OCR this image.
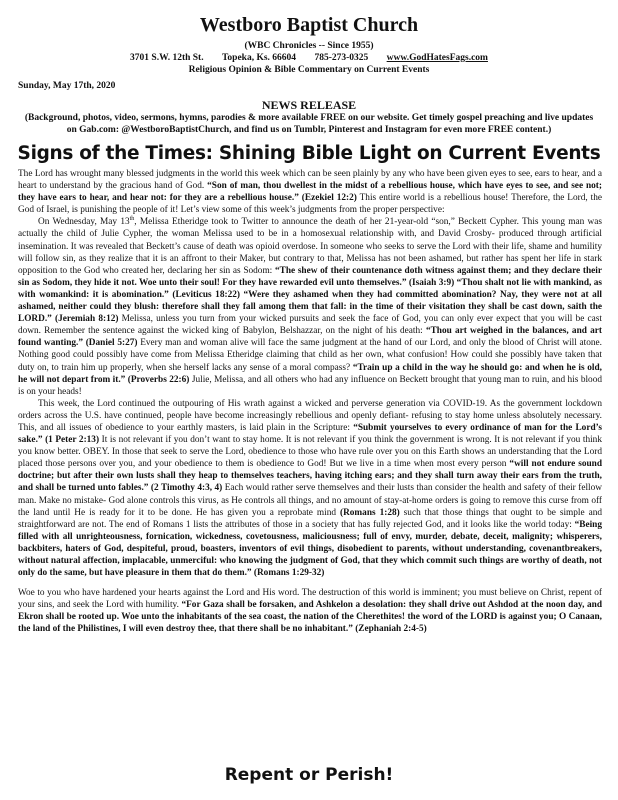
Westboro Baptist Church
(WBC Chronicles -- Since 1955)
3701 S.W. 12th St. Topeka, Ks. 66604 785-273-0325 www.GodHatesFags.com
Religious Opinion & Bible Commentary on Current Events
Sunday, May 17th, 2020
NEWS RELEASE
(Background, photos, video, sermons, hymns, parodies & more available FREE on our website. Get timely gospel preaching and live updates on Gab.com: @WestboroBaptistChurch, and find us on Tumblr, Pinterest and Instagram for even more FREE content.)
Signs of the Times: Shining Bible Light on Current Events

The Lord has wrought many blessed judgments in the world this week which can be seen plainly by any who have been given eyes to see, ears to hear, and a heart to understand by the gracious hand of God. “Son of man, thou dwellest in the midst of a rebellious house, which have eyes to see, and see not; they have ears to hear, and hear not: for they are a rebellious house.” (Ezekiel 12:2) This entire world is a rebellious house! Therefore, the Lord, the God of Israel, is punishing the people of it! Let’s view some of this week’s judgments from the proper perspective:

On Wednesday, May 13th, Melissa Etheridge took to Twitter to announce the death of her 21-year-old “son,” Beckett Cypher. This young man was actually the child of Julie Cypher, the woman Melissa used to be in a homosexual relationship with, and David Crosby- produced through artificial insemination. It was revealed that Beckett’s cause of death was opioid overdose. In someone who seeks to serve the Lord with their life, shame and humility will follow sin, as they realize that it is an affront to their Maker, but contrary to that, Melissa has not been ashamed, but rather has spent her life in stark opposition to the God who created her, declaring her sin as Sodom: “The shew of their countenance doth witness against them; and they declare their sin as Sodom, they hide it not. Woe unto their soul! For they have rewarded evil unto themselves.” (Isaiah 3:9) “Thou shalt not lie with mankind, as with womankind: it is abomination.” (Leviticus 18:22) “Were they ashamed when they had committed abomination? Nay, they were not at all ashamed, neither could they blush: therefore shall they fall among them that fall: in the time of their visitation they shall be cast down, saith the LORD.” (Jeremiah 8:12) Melissa, unless you turn from your wicked pursuits and seek the face of God, you can only ever expect that you will be cast down. Remember the sentence against the wicked king of Babylon, Belshazzar, on the night of his death: “Thou art weighed in the balances, and art found wanting.” (Daniel 5:27) Every man and woman alive will face the same judgment at the hand of our Lord, and only the blood of Christ will atone. Nothing good could possibly have come from Melissa Etheridge claiming that child as her own, what confusion! How could she possibly have taken that duty on, to train him up properly, when she herself lacks any sense of a moral compass? “Train up a child in the way he should go: and when he is old, he will not depart from it.” (Proverbs 22:6) Julie, Melissa, and all others who had any influence on Beckett brought that young man to ruin, and his blood is on your heads!

This week, the Lord continued the outpouring of His wrath against a wicked and perverse generation via COVID-19. As the government lockdown orders across the U.S. have continued, people have become increasingly rebellious and openly defiant- refusing to stay home unless absolutely necessary. This, and all issues of obedience to your earthly masters, is laid plain in the Scripture: “Submit yourselves to every ordinance of man for the Lord’s sake.” (1 Peter 2:13) It is not relevant if you don’t want to stay home. It is not relevant if you think the government is wrong. It is not relevant if you think you know better. OBEY. In those that seek to serve the Lord, obedience to those who have rule over you on this Earth shows an understanding that the Lord placed those persons over you, and your obedience to them is obedience to God! But we live in a time when most every person “will not endure sound doctrine; but after their own lusts shall they heap to themselves teachers, having itching ears; and they shall turn away their ears from the truth, and shall be turned unto fables.” (2 Timothy 4:3, 4) Each would rather serve themselves and their lusts than consider the health and safety of their fellow man. Make no mistake- God alone controls this virus, as He controls all things, and no amount of stay-at-home orders is going to remove this curse from off the land until He is ready for it to be done. He has given you a reprobate mind (Romans 1:28) such that those things that ought to be simple and straightforward are not. The end of Romans 1 lists the attributes of those in a society that has fully rejected God, and it looks like the world today: “Being filled with all unrighteousness, fornication, wickedness, covetousness, maliciousness; full of envy, murder, debate, deceit, malignity; whisperers, backbiters, haters of God, despiteful, proud, boasters, inventors of evil things, disobedient to parents, without understanding, covenantbreakers, without natural affection, implacable, unmerciful: who knowing the judgment of God, that they which commit such things are worthy of death, not only do the same, but have pleasure in them that do them.” (Romans 1:29-32)

Woe to you who have hardened your hearts against the Lord and His word. The destruction of this world is imminent; you must believe on Christ, repent of your sins, and seek the Lord with humility. “For Gaza shall be forsaken, and Ashkelon a desolation: they shall drive out Ashdod at the noon day, and Ekron shall be rooted up. Woe unto the inhabitants of the sea coast, the nation of the Cherethites! the word of the LORD is against you; O Canaan, the land of the Philistines, I will even destroy thee, that there shall be no inhabitant.” (Zephaniah 2:4-5)

Repent or Perish!
